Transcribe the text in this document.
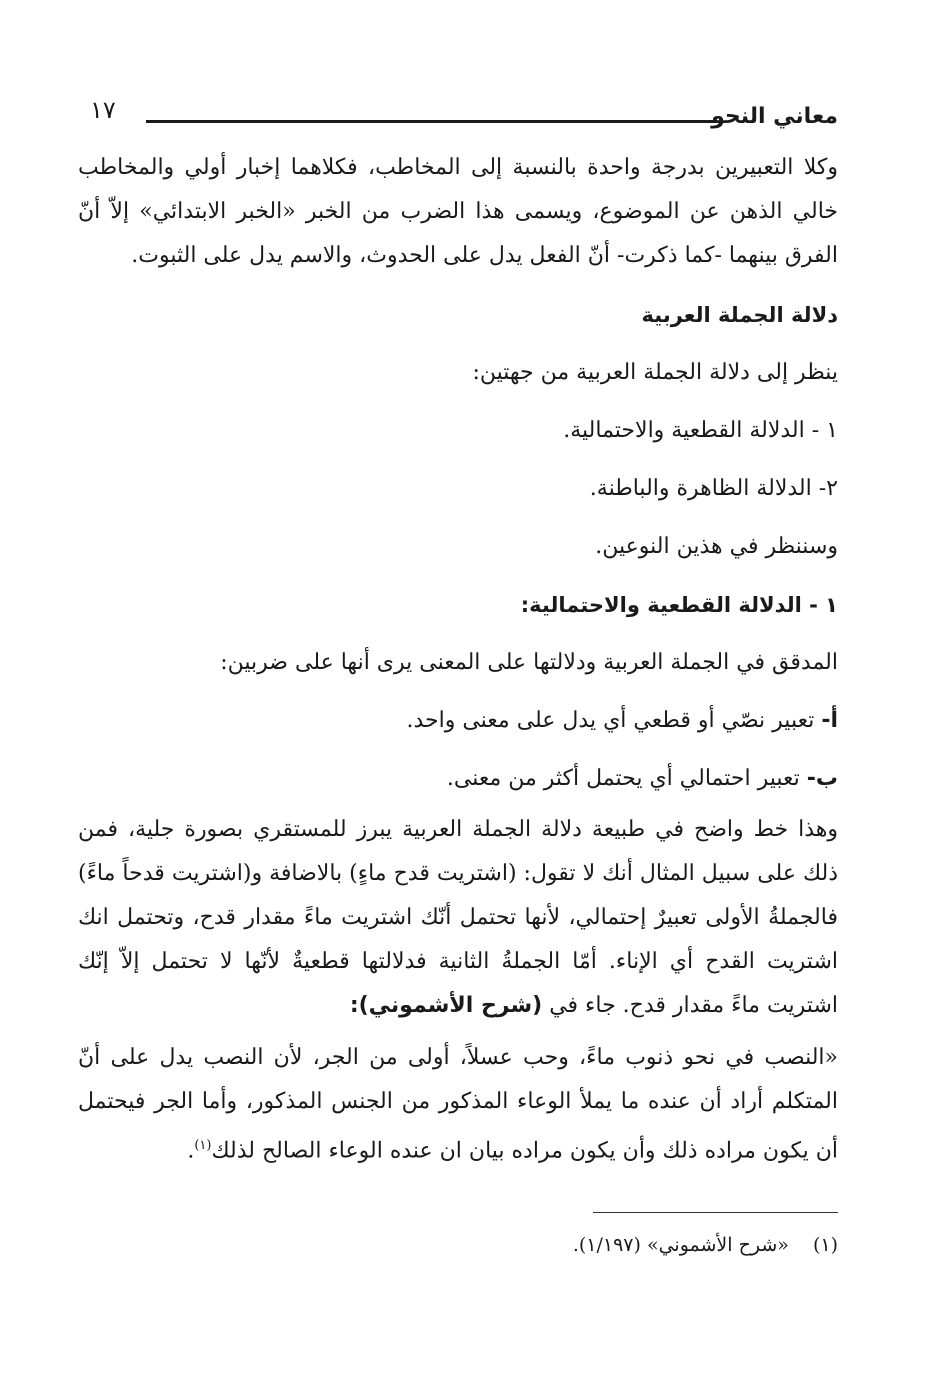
١٧	معاني النحو

وكلا التعبيرين بدرجة واحدة بالنسبة إلى المخاطب، فكلاهما إخبار أولي والمخاطب خالي الذهن عن الموضوع، ويسمى هذا الضرب من الخبر «الخبر الابتدائي» إلاّ أنّ الفرق بينهما -كما ذكرت- أنّ الفعل يدل على الحدوث، والاسم يدل على الثبوت.

دلالة الجملة العربية

ينظر إلى دلالة الجملة العربية من جهتين:

١ - الدلالة القطعية والاحتمالية.

٢- الدلالة الظاهرة والباطنة.

وسننظر في هذين النوعين.

١ - الدلالة القطعية والاحتمالية:

المدقق في الجملة العربية ودلالتها على المعنى يرى أنها على ضربين:

أ- تعبير نصّي أو قطعي أي يدل على معنى واحد.

ب- تعبير احتمالي أي يحتمل أكثر من معنى.

وهذا خط واضح في طبيعة دلالة الجملة العربية يبرز للمستقري بصورة جلية، فمن ذلك على سبيل المثال أنك لا تقول: (اشتريت قدح ماءٍ) بالاضافة و(اشتريت قدحاً ماءً) فالجملةُ الأولى تعبيرٌ إحتمالي، لأنها تحتمل أنّك اشتريت ماءً مقدار قدح، وتحتمل انك اشتريت القدح أي الإناء. أمّا الجملةُ الثانية فدلالتها قطعيةٌ لأنّها لا تحتمل إلاّ إنّك اشتريت ماءً مقدار قدح. جاء في (شرح الأشموني):

«النصب في نحو ذنوب ماءً، وحب عسلاً، أولى من الجر، لأن النصب يدل على أنّ المتكلم أراد أن عنده ما يملأ الوعاء المذكور من الجنس المذكور، وأما الجر فيحتمل أن يكون مراده ذلك وأن يكون مراده بيان ان عنده الوعاء الصالح لذلك$^{(١)}$.

(١) «شرح الأشموني» (١/١٩٧).
